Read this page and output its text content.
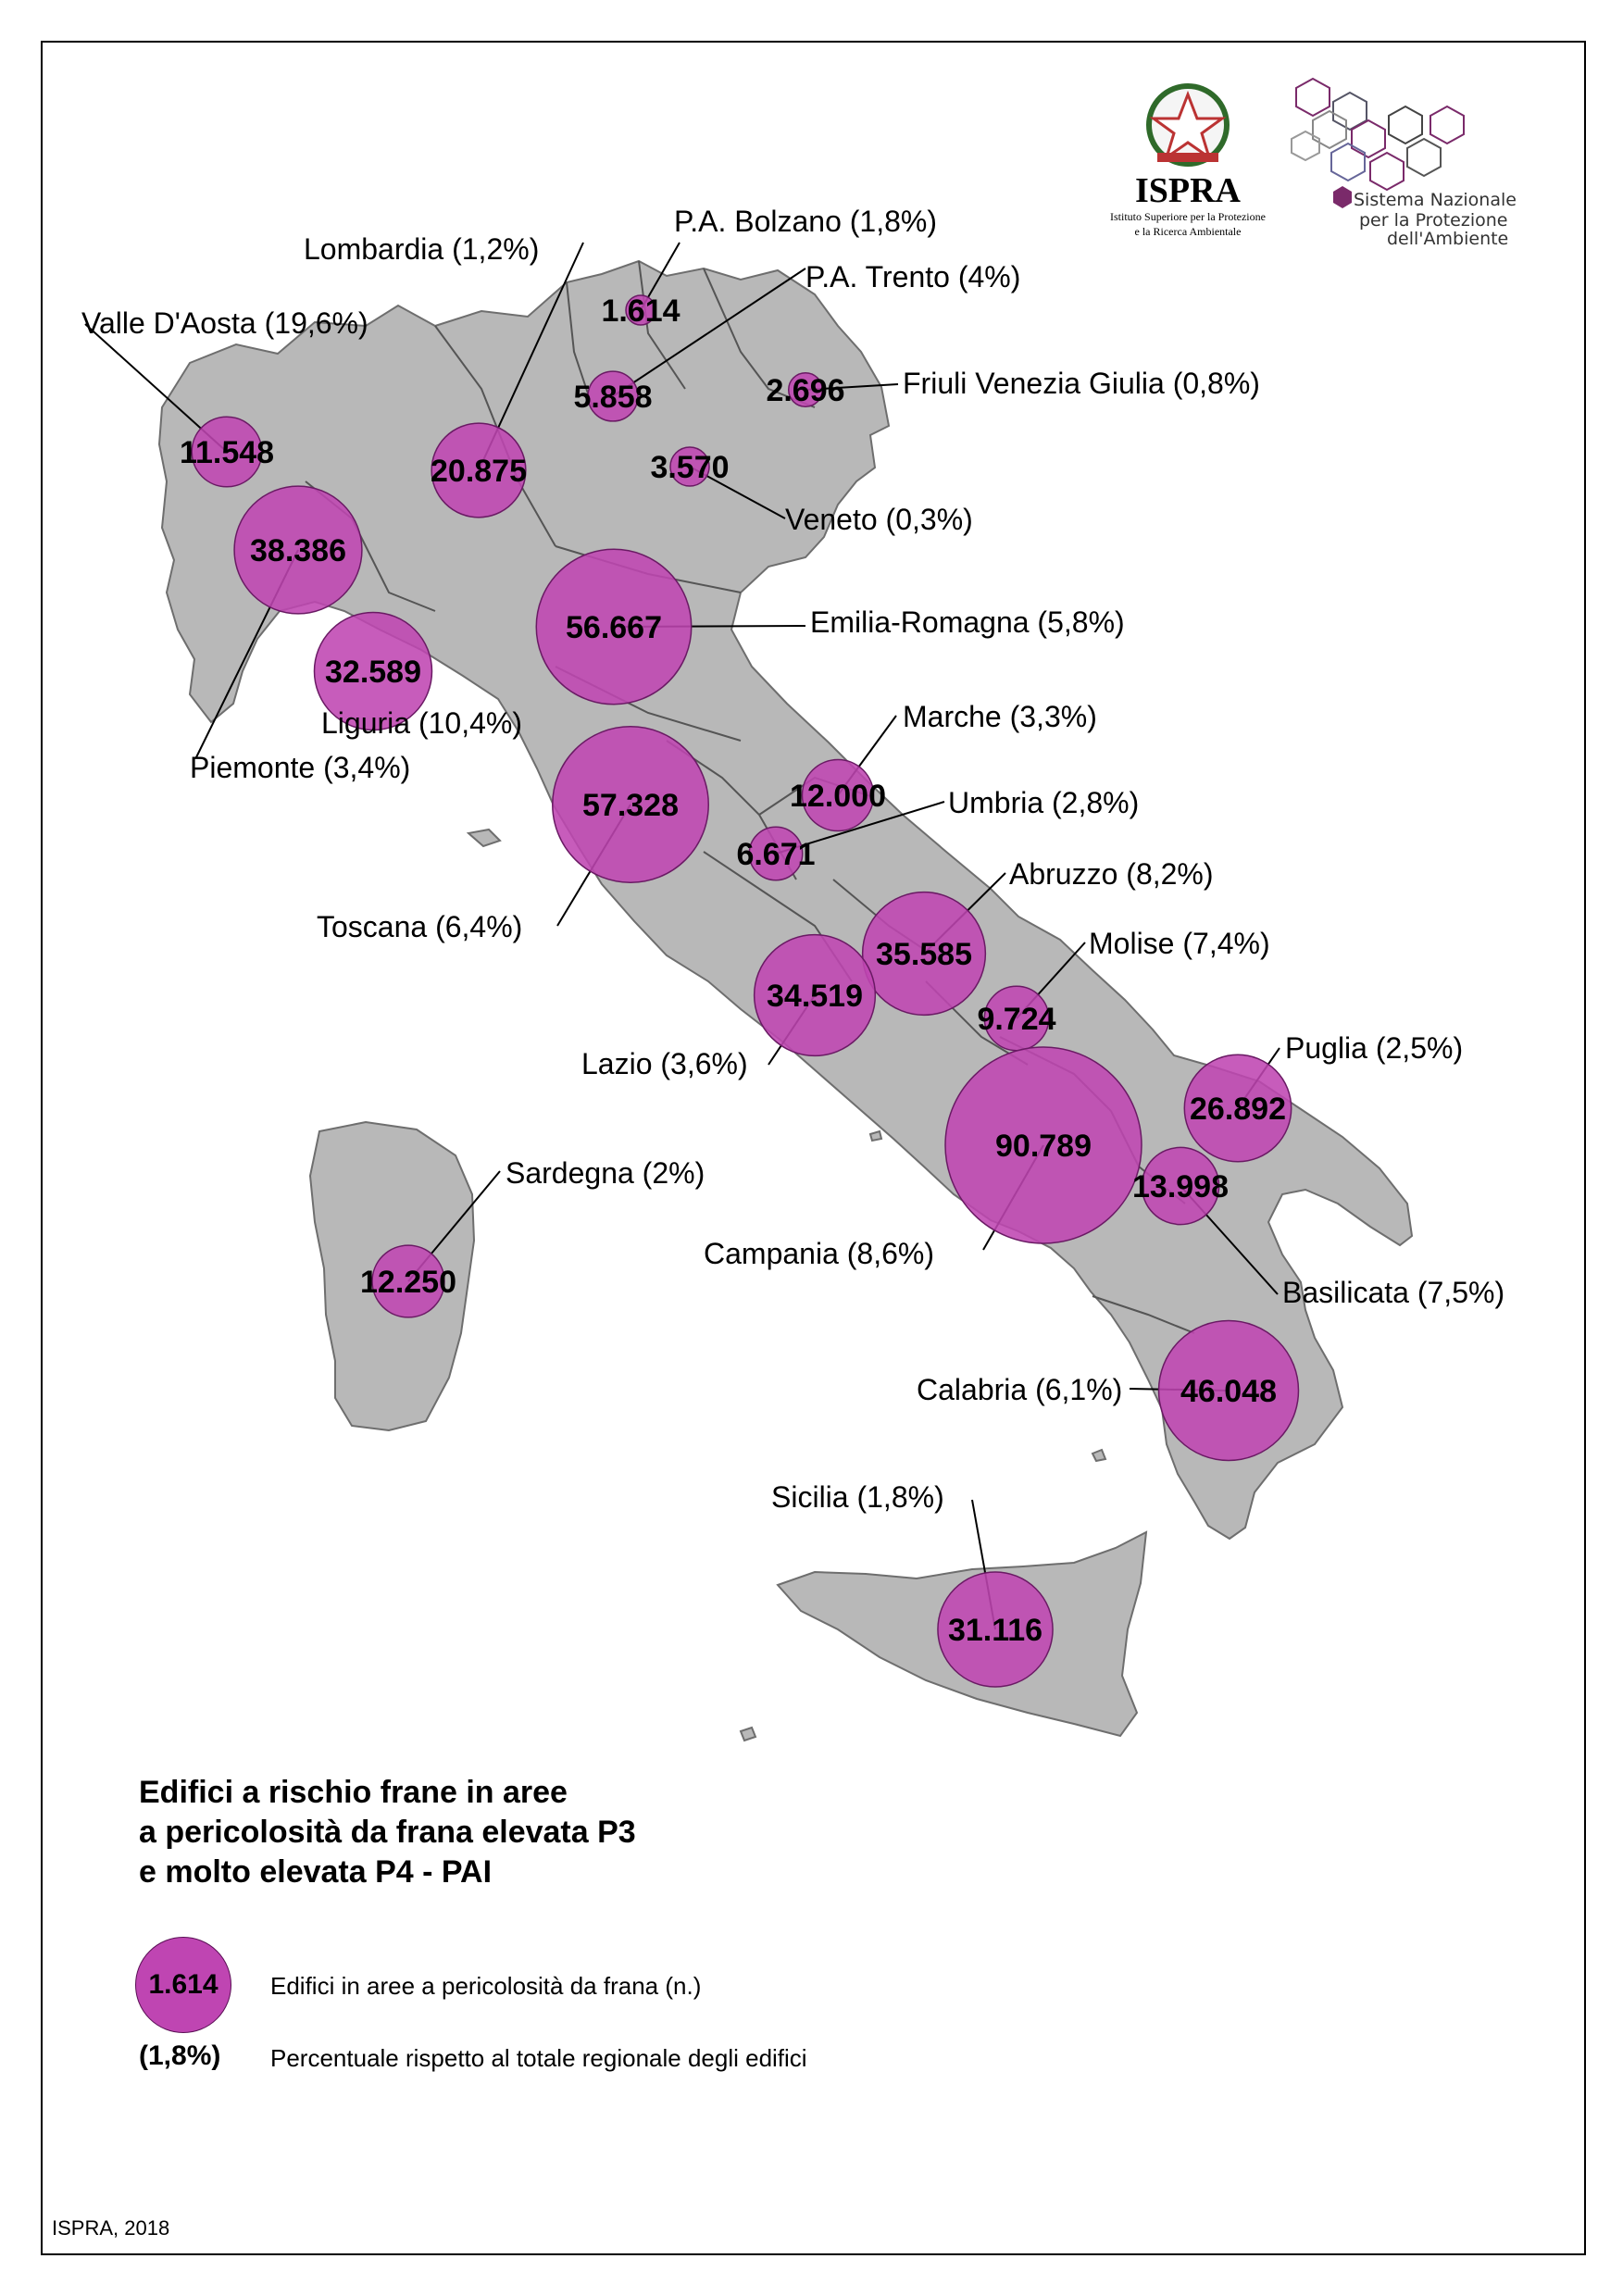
11.548
Valle D'Aosta (19,6%)
38.386
Piemonte (3,4%)
20.875
Lombardia (1,2%)
1.614
P.A. Bolzano (1,8%)
5.858
P.A. Trento (4%)
2.696 Friuli Venezia Giulia (0,8%)
3.570
Veneto (0,3%)
32.589
Liguria (10,4%)
56.667	Emilia-Romagna (5,8%)
57.328
Toscana (6,4%)
12.000
Marche (3,3%)
6.671
Umbria (2,8%)
35.585
Abruzzo (8,2%)
34.519
Lazio (3,6%)
9.724
Molise (7,4%)
90.789
Campania (8,6%)
26.892
Puglia (2,5%)
13.998
Basilicata (7,5%)
46.048
Calabria (6,1%)
12.250
Sardegna (2%)
31.116
Sicilia (1,8%)
ISPRA
Istituto Superiore per la Protezione
e la Ricerca Ambientale
Sistema Nazionale
per la Protezione
dell'Ambiente
Edifici a rischio frane in aree
a pericolosità da frana elevata P3
e molto elevata P4 - PAI
1.614 Edifici in aree a pericolosità da frana (n.)
(1,8%) Percentuale rispetto al totale regionale degli edifici
ISPRA, 2018
